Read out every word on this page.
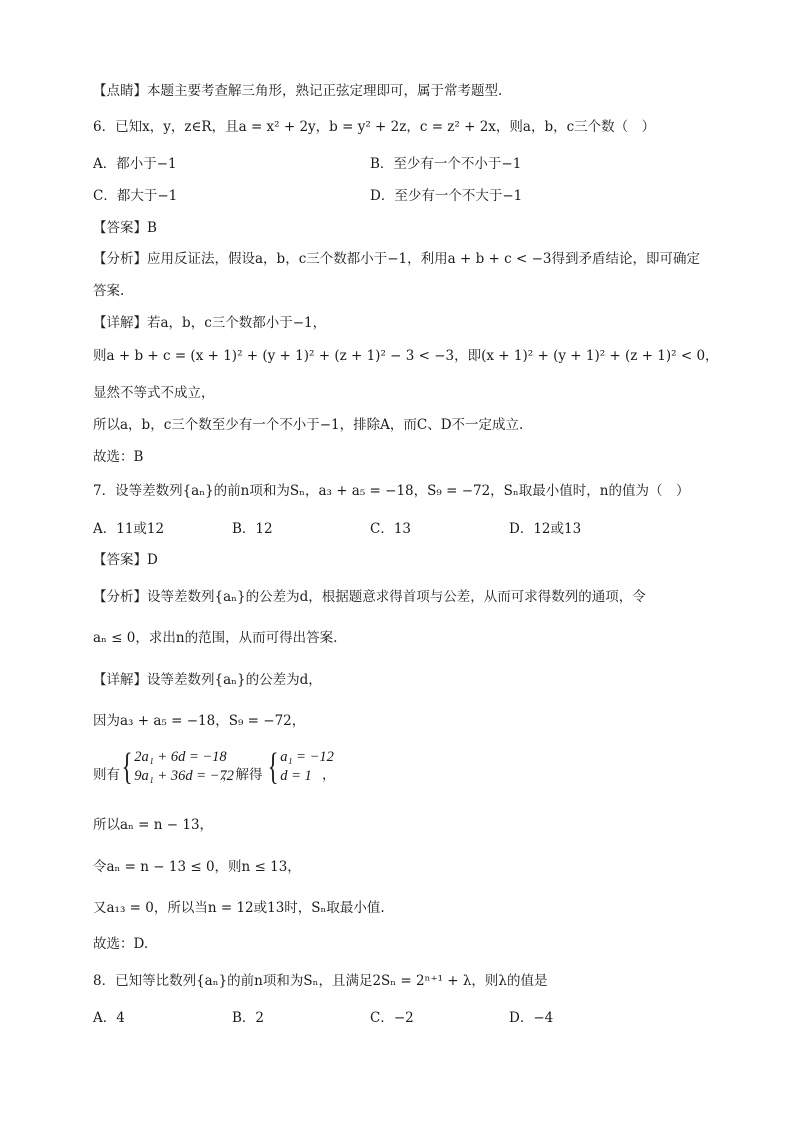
【点睛】本题主要考查解三角形，熟记正弦定理即可，属于常考题型.
6．已知x，y，z∈R，且a = x² + 2y，b = y² + 2z，c = z² + 2x，则a，b，c三个数（　）
A．都小于−1	B．至少有一个不小于−1
C．都大于−1	D．至少有一个不大于−1
【答案】B
【分析】应用反证法，假设a，b，c三个数都小于−1，利用a + b + c < −3得到矛盾结论，即可确定
答案.
【详解】若a，b，c三个数都小于−1，
则a + b + c = (x + 1)² + (y + 1)² + (z + 1)² − 3 < −3，即(x + 1)² + (y + 1)² + (z + 1)² < 0，
显然不等式不成立，
所以a，b，c三个数至少有一个不小于−1，排除A，而C、D不一定成立.
故选：B
7．设等差数列{aₙ}的前n项和为Sₙ，a₃ + a₅ = −18，S₉ = −72，Sₙ取最小值时，n的值为（　）
A．11或12	B．12	C．13	D．12或13
【答案】D
【分析】设等差数列{aₙ}的公差为d，根据题意求得首项与公差，从而可求得数列的通项，令
aₙ ≤ 0，求出n的范围，从而可得出答案.
【详解】设等差数列{aₙ}的公差为d，
因为a₃ + a₅ = −18，S₉ = −72，
则有 { 2a₁ + 6d = −18
9a₁ + 36d = −72
，解得 { a₁ = −12
d = 1 ，
所以aₙ = n − 13，
令aₙ = n − 13 ≤ 0，则n ≤ 13，
又a₁₃ = 0，所以当n = 12或13时，Sₙ取最小值.
故选：D.
8．已知等比数列{aₙ}的前n项和为Sₙ，且满足2Sₙ = 2ⁿ⁺¹ + λ，则λ的值是
A．4	B．2	C．−2	D．−4
